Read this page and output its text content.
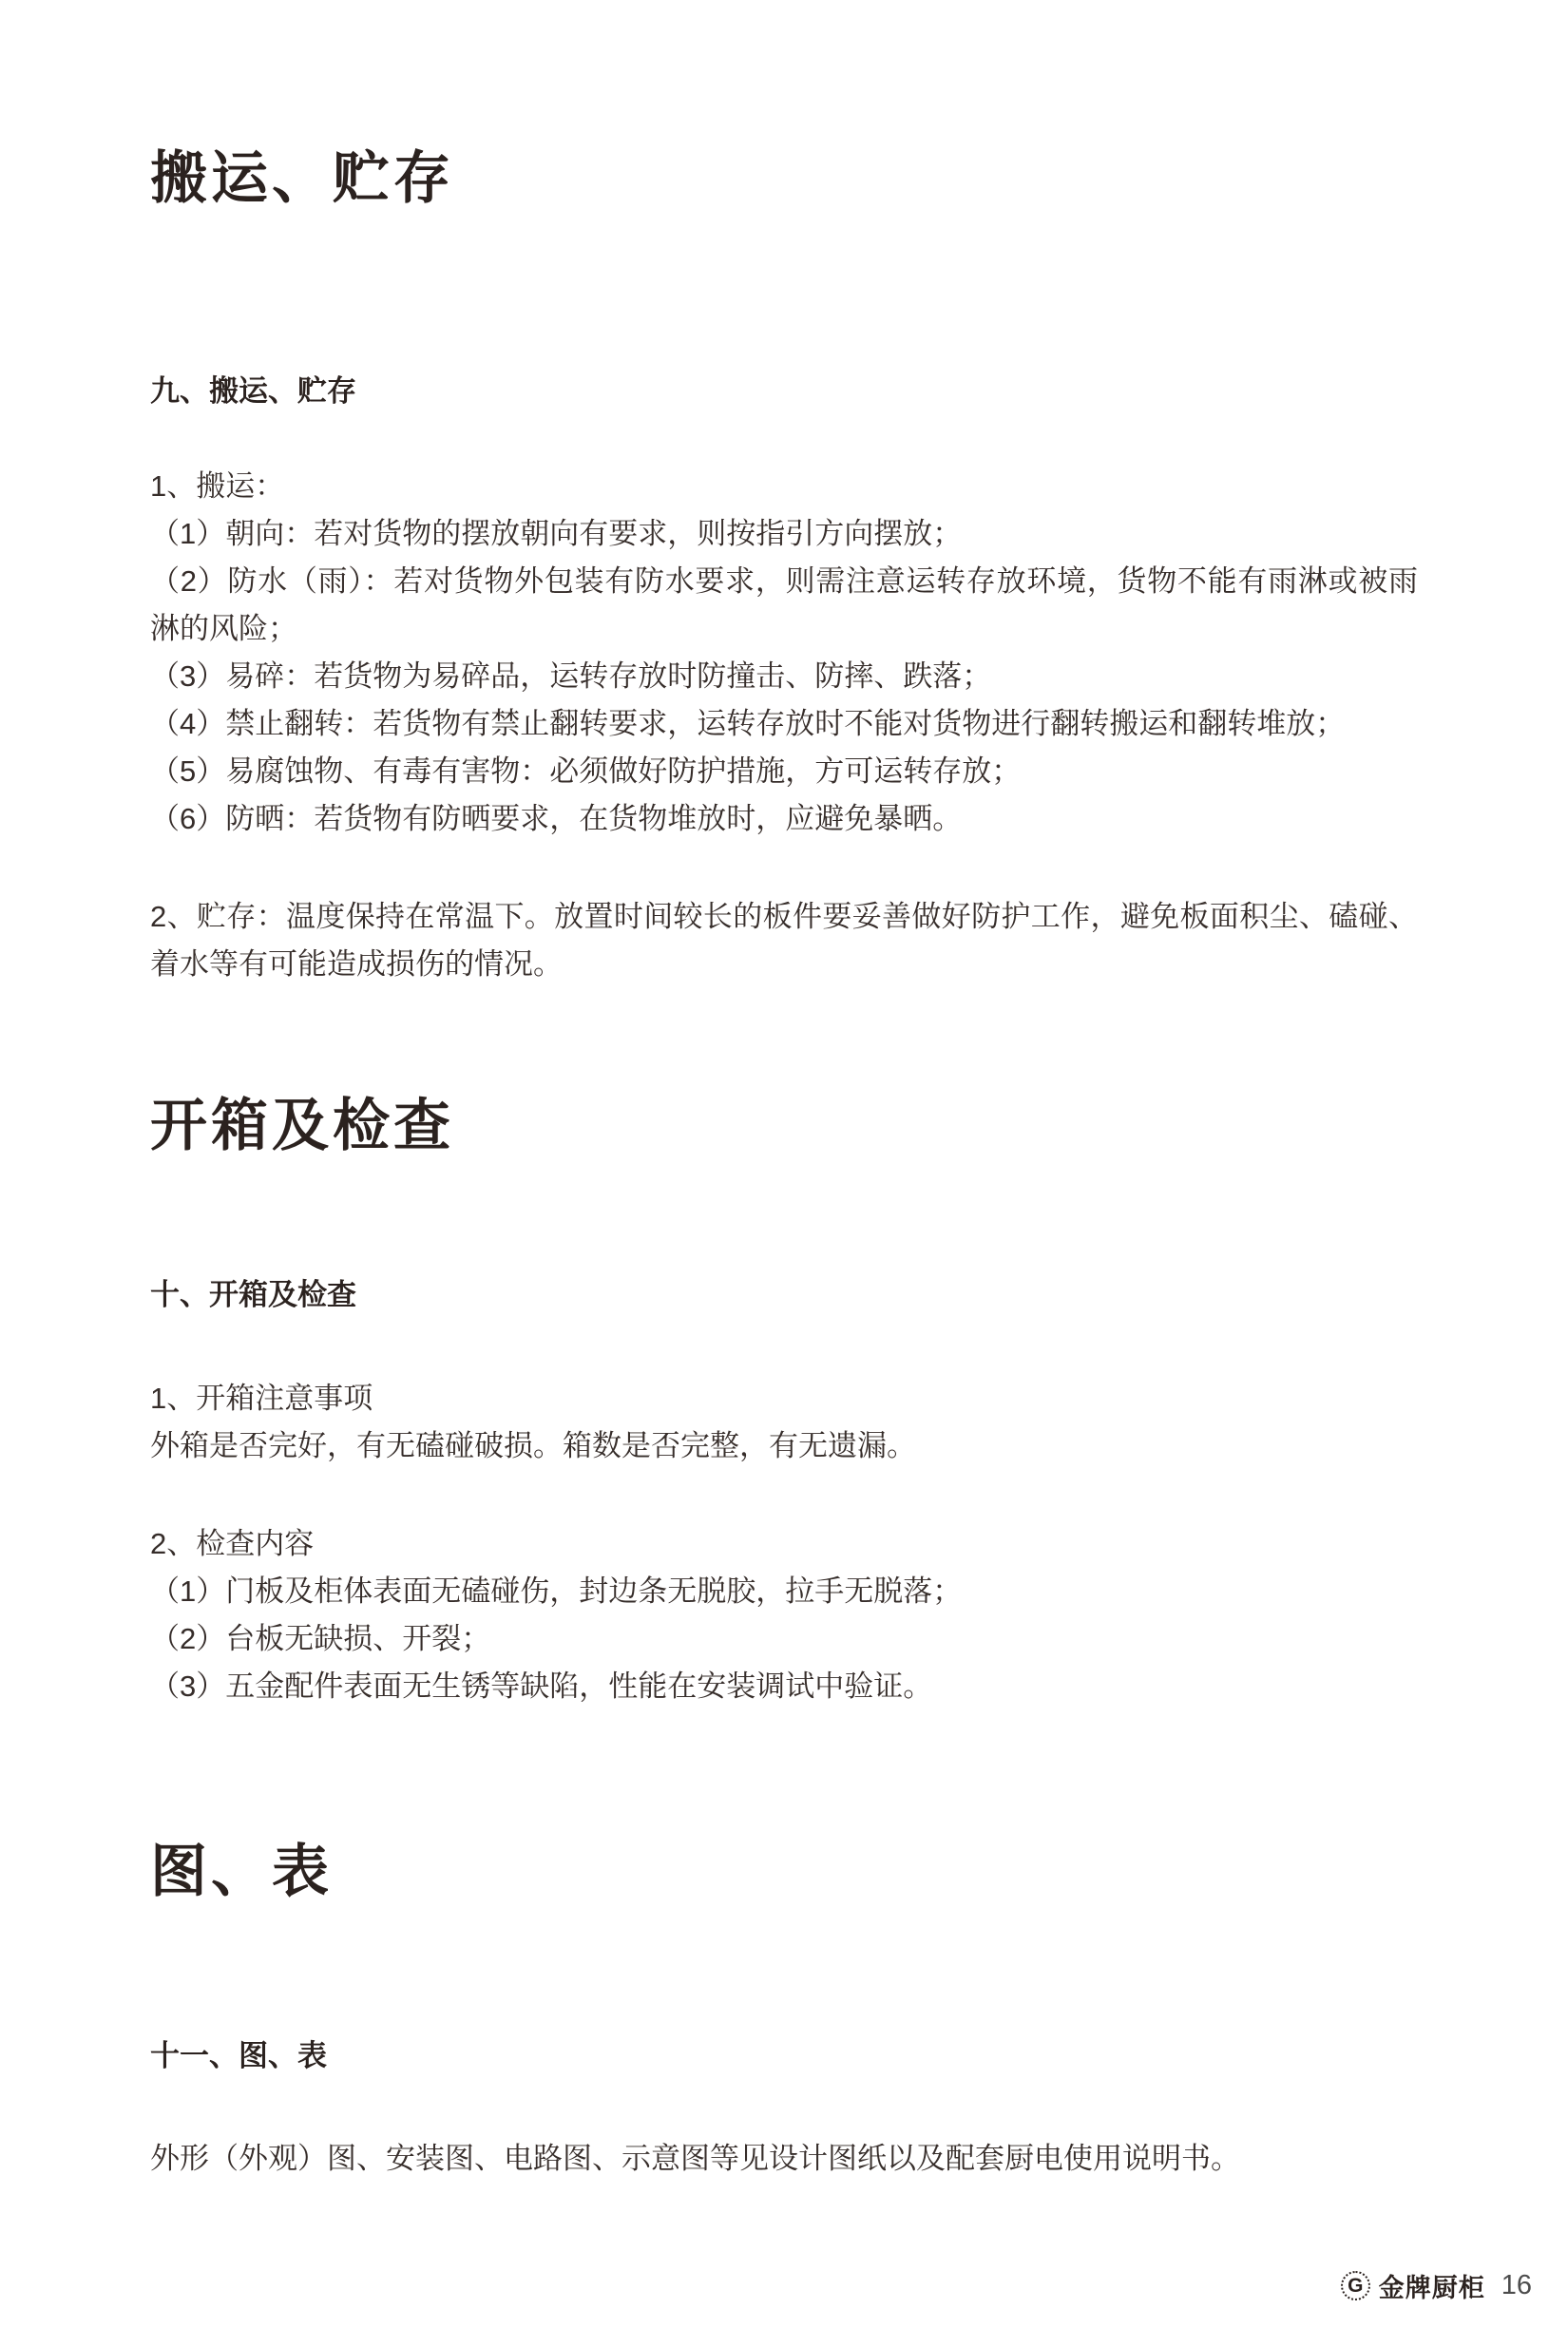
搬运、贮存
九、搬运、贮存

1、搬运：

（1）朝向：若对货物的摆放朝向有要求，则按指引方向摆放；

（2）防水（雨）：若对货物外包装有防水要求，则需注意运转存放环境，货物不能有雨淋或被雨淋的风险；

（3）易碎：若货物为易碎品，运转存放时防撞击、防摔、跌落；

（4）禁止翻转：若货物有禁止翻转要求，运转存放时不能对货物进行翻转搬运和翻转堆放；

（5）易腐蚀物、有毒有害物：必须做好防护措施，方可运转存放；

（6）防晒：若货物有防晒要求，在货物堆放时，应避免暴晒。

2、贮存：温度保持在常温下。放置时间较长的板件要妥善做好防护工作，避免板面积尘、磕碰、着水等有可能造成损伤的情况。
开箱及检查
十、开箱及检查

1、开箱注意事项

外箱是否完好，有无磕碰破损。箱数是否完整，有无遗漏。

2、检查内容

（1）门板及柜体表面无磕碰伤，封边条无脱胶，拉手无脱落；

（2）台板无缺损、开裂；

（3）五金配件表面无生锈等缺陷，性能在安装调试中验证。

图、表
十一、图、表
外形（外观）图、安装图、电路图、示意图等见设计图纸以及配套厨电使用说明书。
G 金牌厨柜 16
